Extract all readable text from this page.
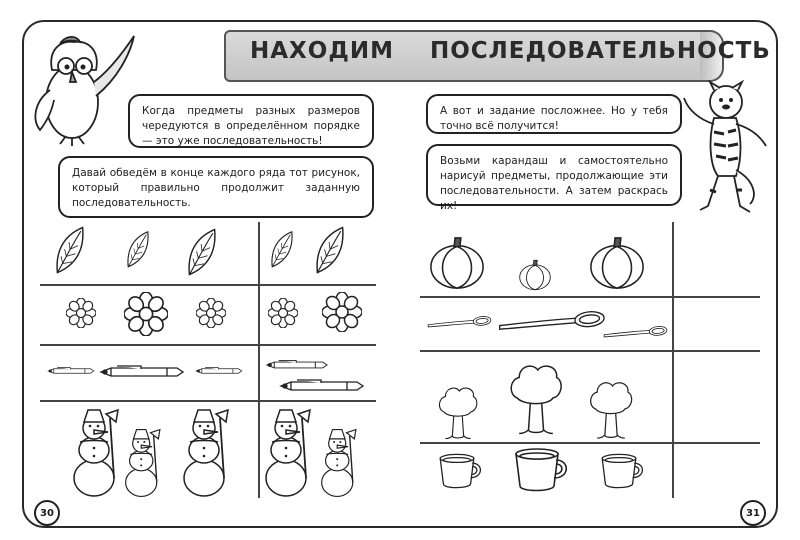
НАХОДИМ ПОСЛЕДОВАТЕЛЬНОСТЬ
Когда предметы разных размеров чередуются в определённом порядке — это уже последовательность!
Давай обведём в конце каждого ряда тот рисунок, который правильно продолжит заданную последовательность.
А вот и задание посложнее. Но у тебя точно всё получится!
Возьми карандаш и самостоятельно нарисуй предметы, продолжающие эти последовательности. А затем раскрась их!
30	31
